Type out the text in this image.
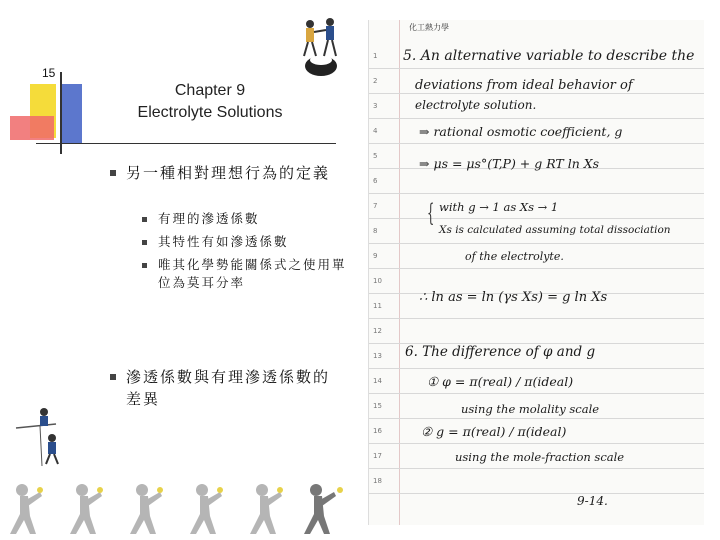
15
Chapter 9
Electrolyte Solutions
另一種相對理想行為的定義
有理的滲透係數
其特性有如滲透係數
唯其化學勢能關係式之使用單位為莫耳分率
滲透係數與有理滲透係數的差異
化工熱力學
1
2
3
4
5
6
7
8
9
10
11
12
13
14
15
16
17
18
5. An alternative variable to describe the
deviations from ideal behavior of
electrolyte solution.
⇒ rational osmotic coefficient, g
⇒ μs = μs°(T,P) + g RT ln Xs
{ with g → 1 as Xs → 1
Xs is calculated assuming total dissociation
of the electrolyte.
∴ ln as = ln (γs Xs) = g ln Xs
6. The difference of φ and g
① φ = π(real) / π(ideal)
using the molality scale
② g = π(real) / π(ideal)
using the mole-fraction scale
9-14.
